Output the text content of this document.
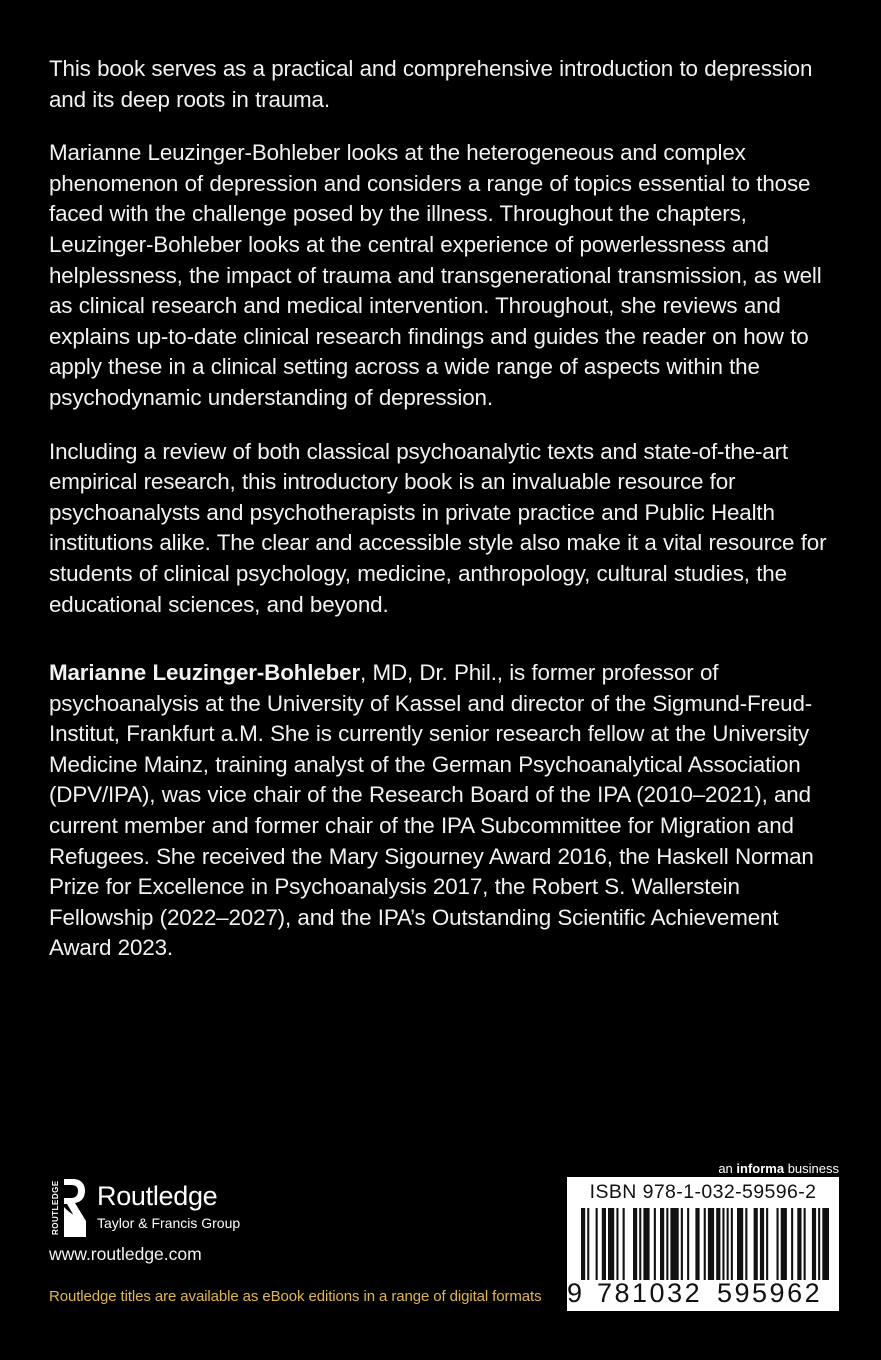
This book serves as a practical and comprehensive introduction to depression and its deep roots in trauma.

Marianne Leuzinger-Bohleber looks at the heterogeneous and complex phenomenon of depression and considers a range of topics essential to those faced with the challenge posed by the illness. Throughout the chapters, Leuzinger-Bohleber looks at the central experience of powerlessness and helplessness, the impact of trauma and transgenerational transmission, as well as clinical research and medical intervention. Throughout, she reviews and explains up-to-date clinical research findings and guides the reader on how to apply these in a clinical setting across a wide range of aspects within the psychodynamic understanding of depression.

Including a review of both classical psychoanalytic texts and state-of-the-art empirical research, this introductory book is an invaluable resource for psychoanalysts and psychotherapists in private practice and Public Health institutions alike. The clear and accessible style also make it a vital resource for students of clinical psychology, medicine, anthropology, cultural studies, the educational sciences, and beyond.

Marianne Leuzinger-Bohleber, MD, Dr. Phil., is former professor of psychoanalysis at the University of Kassel and director of the Sigmund-Freud-Institut, Frankfurt a.M. She is currently senior research fellow at the University Medicine Mainz, training analyst of the German Psychoanalytical Association (DPV/IPA), was vice chair of the Research Board of the IPA (2010–2021), and current member and former chair of the IPA Subcommittee for Migration and Refugees. She received the Mary Sigourney Award 2016, the Haskell Norman Prize for Excellence in Psychoanalysis 2017, the Robert S. Wallerstein Fellowship (2022–2027), and the IPA’s Outstanding Scientific Achievement Award 2023.

ROUTLEDGE Routledge
Taylor & Francis Group
www.routledge.com
Routledge titles are available as eBook editions in a range of digital formats
an informa business
ISBN 978-1-032-59596-2
9 781032 595962
